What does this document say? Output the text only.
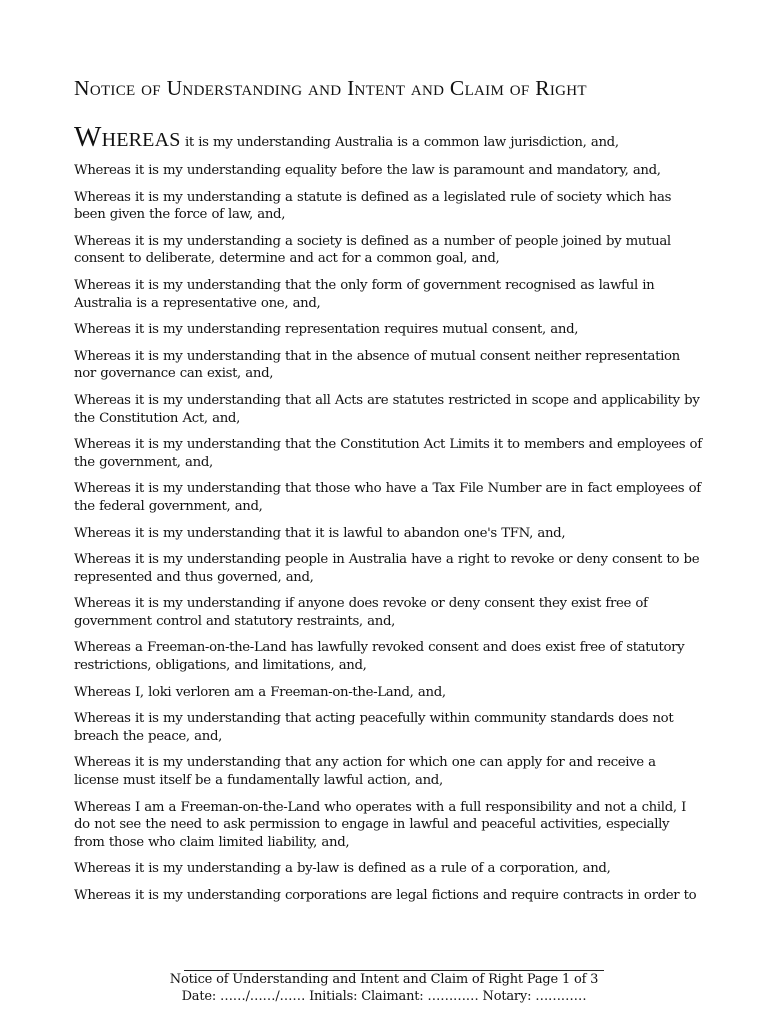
Notice of Understanding and Intent and Claim of Right

Whereas it is my understanding Australia is a common law jurisdiction, and,

Whereas it is my understanding equality before the law is paramount and mandatory, and,

Whereas it is my understanding a statute is defined as a legislated rule of society which has been given the force of law, and,

Whereas it is my understanding a society is defined as a number of people joined by mutual consent to deliberate, determine and act for a common goal, and,

Whereas it is my understanding that the only form of government recognised as lawful in Australia is a representative one, and,

Whereas it is my understanding representation requires mutual consent, and,

Whereas it is my understanding that in the absence of mutual consent neither representation nor governance can exist, and,

Whereas it is my understanding that all Acts are statutes restricted in scope and applicability by the Constitution Act, and,

Whereas it is my understanding that the Constitution Act Limits it to members and employees of the government, and,

Whereas it is my understanding that those who have a Tax File Number are in fact employees of the federal government, and,

Whereas it is my understanding that it is lawful to abandon one's TFN, and,

Whereas it is my understanding people in Australia have a right to revoke or deny consent to be represented and thus governed, and,

Whereas it is my understanding if anyone does revoke or deny consent they exist free of government control and statutory restraints, and,

Whereas a Freeman-on-the-Land has lawfully revoked consent and does exist free of statutory restrictions, obligations, and limitations, and,

Whereas I, loki verloren am a Freeman-on-the-Land, and,

Whereas it is my understanding that acting peacefully within community standards does not breach the peace, and,

Whereas it is my understanding that any action for which one can apply for and receive a license must itself be a fundamentally lawful action, and,

Whereas I am a Freeman-on-the-Land who operates with a full responsibility and not a child, I do not see the need to ask permission to engage in lawful and peaceful activities, especially from those who claim limited liability, and,

Whereas it is my understanding a by-law is defined as a rule of a corporation, and,

Whereas it is my understanding corporations are legal fictions and require contracts in order to

Notice of Understanding and Intent and Claim of Right Page 1 of 3

Date: ……/……/…… Initials: Claimant: ………… Notary: …………
